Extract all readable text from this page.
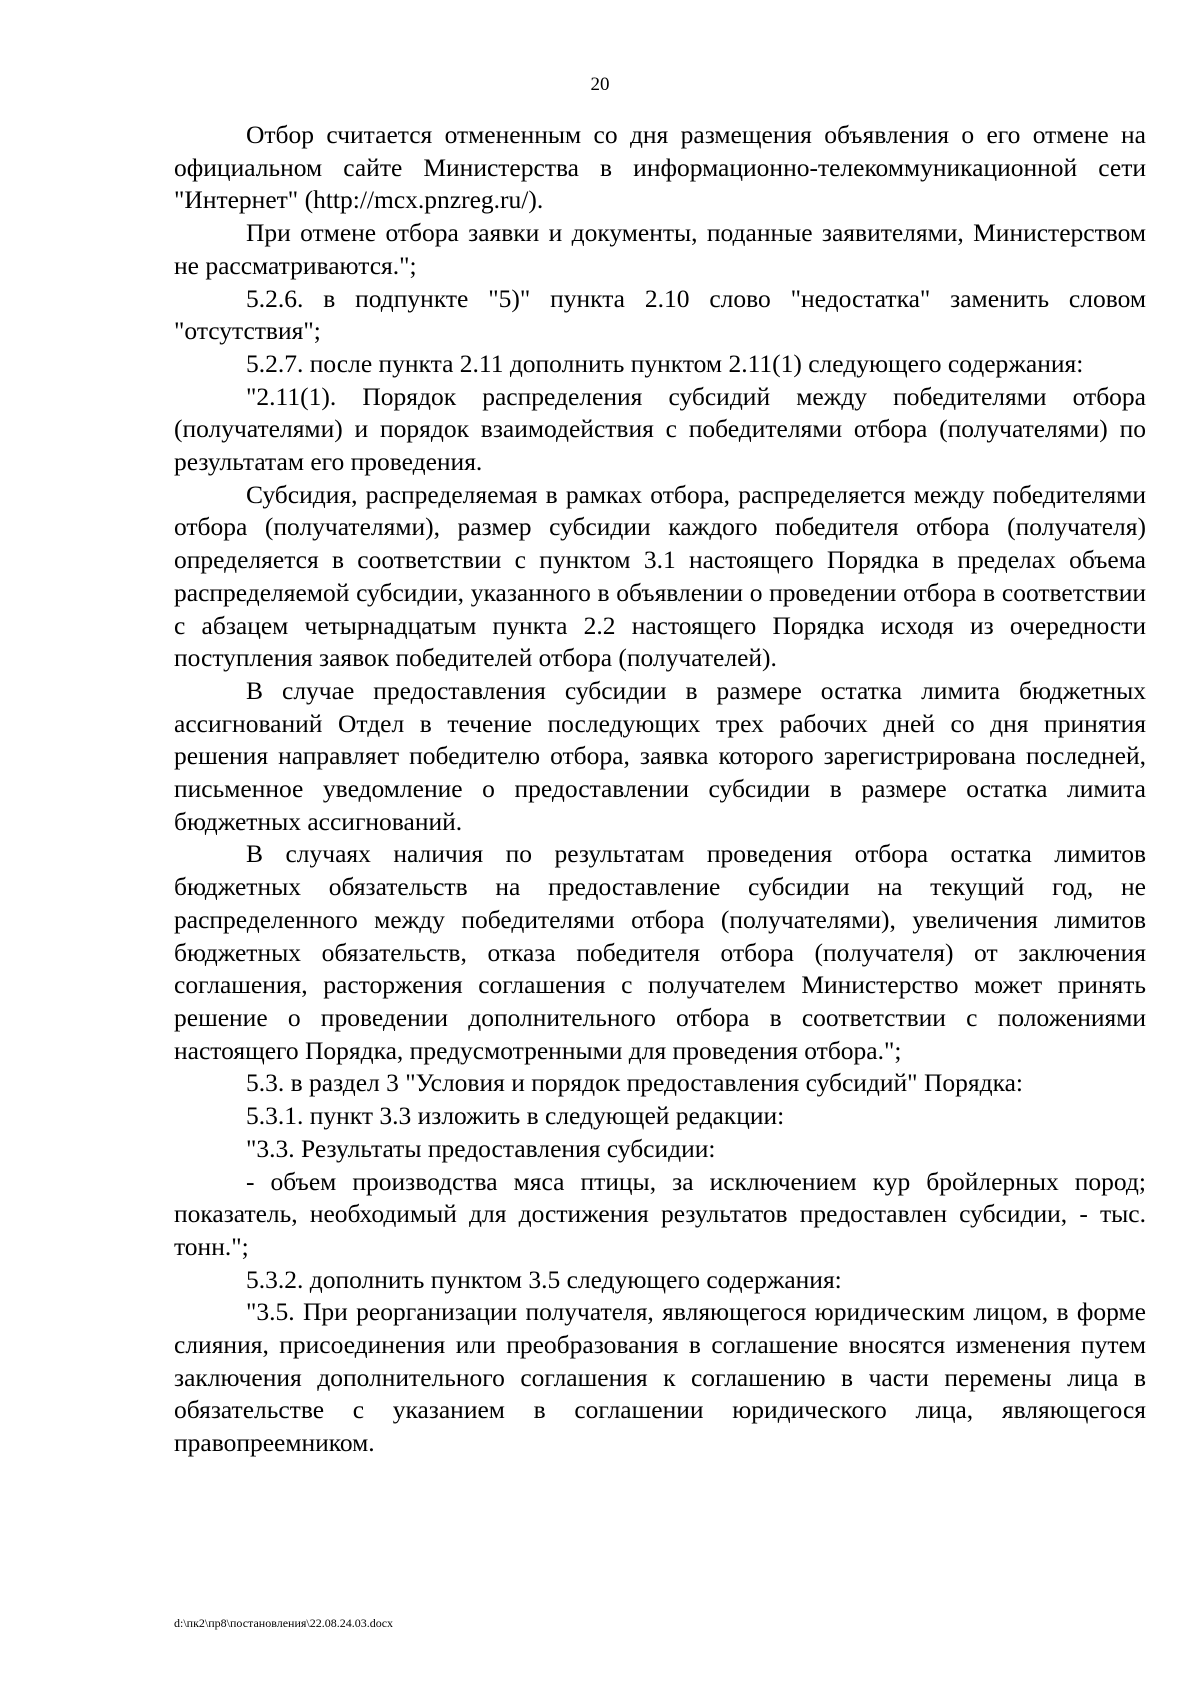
20

Отбор считается отмененным со дня размещения объявления о его отмене на официальном сайте Министерства в информационно-телекоммуникационной сети "Интернет" (http://mcx.pnzreg.ru/).

При отмене отбора заявки и документы, поданные заявителями, Министерством не рассматриваются.";

5.2.6. в подпункте "5)" пункта 2.10 слово "недостатка" заменить словом "отсутствия";

5.2.7. после пункта 2.11 дополнить пунктом 2.11(1) следующего содержания:

"2.11(1). Порядок распределения субсидий между победителями отбора (получателями) и порядок взаимодействия с победителями отбора (получателями) по результатам его проведения.

Субсидия, распределяемая в рамках отбора, распределяется между победителями отбора (получателями), размер субсидии каждого победителя отбора (получателя) определяется в соответствии с пунктом 3.1 настоящего Порядка в пределах объема распределяемой субсидии, указанного в объявлении о проведении отбора в соответствии с абзацем четырнадцатым пункта 2.2 настоящего Порядка исходя из очередности поступления заявок победителей отбора (получателей).

В случае предоставления субсидии в размере остатка лимита бюджетных ассигнований Отдел в течение последующих трех рабочих дней со дня принятия решения направляет победителю отбора, заявка которого зарегистрирована последней, письменное уведомление о предоставлении субсидии в размере остатка лимита бюджетных ассигнований.

В случаях наличия по результатам проведения отбора остатка лимитов бюджетных обязательств на предоставление субсидии на текущий год, не распределенного между победителями отбора (получателями), увеличения лимитов бюджетных обязательств, отказа победителя отбора (получателя) от заключения соглашения, расторжения соглашения с получателем Министерство может принять решение о проведении дополнительного отбора в соответствии с положениями настоящего Порядка, предусмотренными для проведения отбора.";

5.3. в раздел 3 "Условия и порядок предоставления субсидий" Порядка:

5.3.1. пункт 3.3 изложить в следующей редакции:

"3.3. Результаты предоставления субсидии:

- объем производства мяса птицы, за исключением кур бройлерных пород; показатель, необходимый для достижения результатов предоставлен субсидии, - тыс. тонн.";

5.3.2. дополнить пунктом 3.5 следующего содержания:

"3.5. При реорганизации получателя, являющегося юридическим лицом, в форме слияния, присоединения или преобразования в соглашение вносятся изменения путем заключения дополнительного соглашения к соглашению в части перемены лица в обязательстве с указанием в соглашении юридического лица, являющегося правопреемником.

d:\пк2\пр8\постановления\22.08.24.03.docx
